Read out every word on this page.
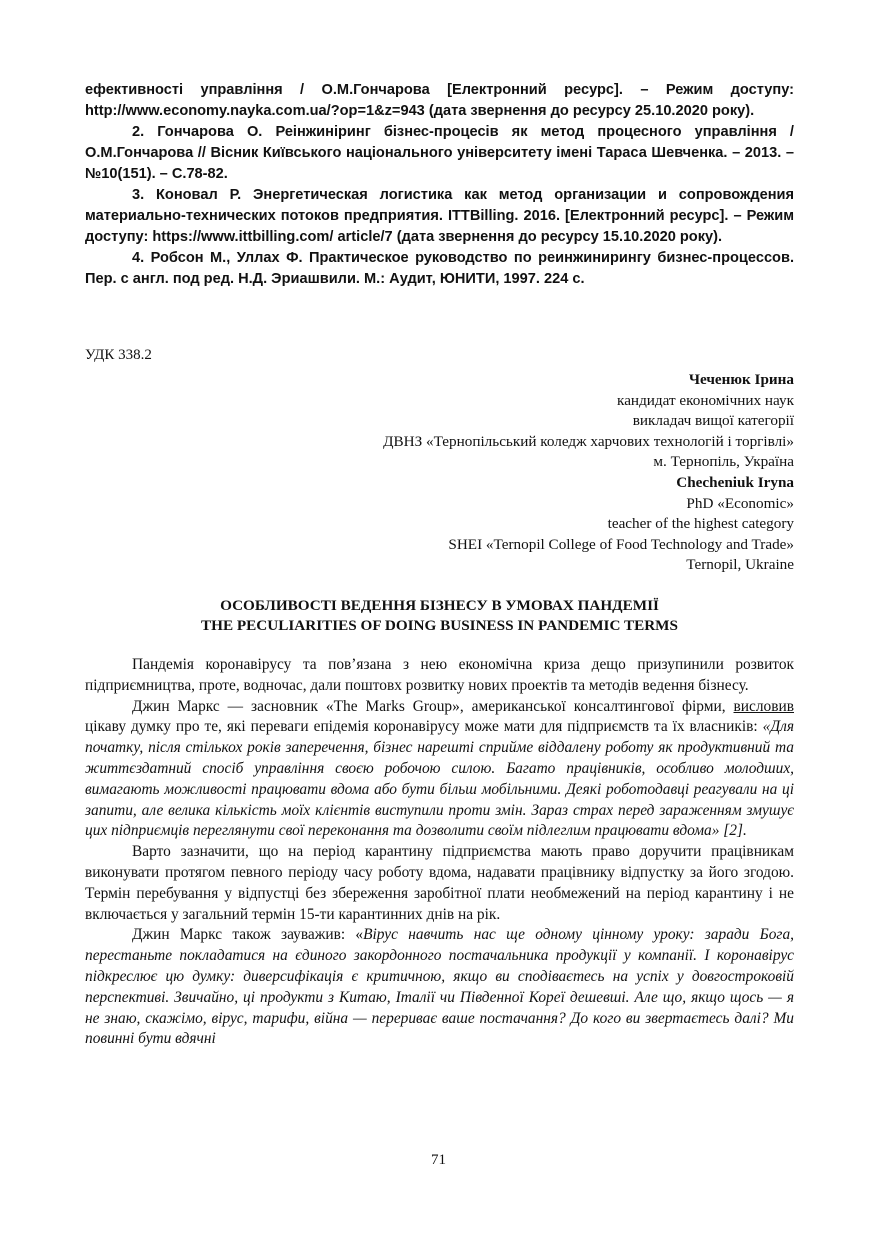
ефективності управління / О.М.Гончарова [Електронний ресурс]. – Режим доступу: http://www.economy.nayka.com.ua/?op=1&z=943 (дата звернення до ресурсу 25.10.2020 року).

2. Гончарова О. Реінжиніринг бізнес-процесів як метод процесного управління / О.М.Гончарова // Вісник Київського національного університету імені Тараса Шевченка. – 2013. – №10(151). – С.78-82.

3. Коновал Р. Энергетическая логистика как метод организации и сопровождения материально-технических потоков предприятия. ITTBilling. 2016. [Електронний ресурс]. – Режим доступу: https://www.ittbilling.com/ article/7 (дата звернення до ресурсу 15.10.2020 року).

4. Робсон М., Уллах Ф. Практическое руководство по реинжинирингу бизнес-процессов. Пер. с англ. под ред. Н.Д. Эриашвили. М.: Аудит, ЮНИТИ, 1997. 224 с.

УДК 338.2
Чеченюк Ірина
кандидат економічних наук
викладач вищої категорії
ДВНЗ «Тернопільський коледж харчових технологій і торгівлі»
м. Тернопіль, Україна
Checheniuk Iryna
PhD «Economic»
teacher of the highest category
SHEI «Ternopil College of Food Technology and Trade»
Ternopil, Ukraine
ОСОБЛИВОСТІ ВЕДЕННЯ БІЗНЕСУ В УМОВАХ ПАНДЕМІЇ
THE PECULIARITIES OF DOING BUSINESS IN PANDEMIC TERMS

Пандемія коронавірусу та пов’язана з нею економічна криза дещо призупинили розвиток підприємництва, проте, водночас, дали поштовх розвитку нових проектів та методів ведення бізнесу.

Джин Маркс — засновник «The Marks Group», американської консалтингової фірми, висловив цікаву думку про те, які переваги епідемія коронавірусу може мати для підприємств та їх власників: «Для початку, після стількох років заперечення, бізнес нарешті сприйме віддалену роботу як продуктивний та життєздатний спосіб управління своєю робочою силою. Багато працівників, особливо молодших, вимагають можливості працювати вдома або бути більш мобільними. Деякі роботодавці реагували на ці запити, але велика кількість моїх клієнтів виступили проти змін. Зараз страх перед зараженням змушує цих підприємців переглянути свої переконання та дозволити своїм підлеглим працювати вдома» [2].

Варто зазначити, що на період карантину підприємства мають право доручити працівникам виконувати протягом певного періоду часу роботу вдома, надавати працівнику відпустку за його згодою. Термін перебування у відпустці без збереження заробітної плати необмежений на період карантину і не включається у загальний термін 15-ти карантинних днів на рік.

Джин Маркс також зауважив: «Вірус навчить нас ще одному цінному уроку: заради Бога, перестаньте покладатися на єдиного закордонного постачальника продукції у компанії. І коронавірус підкреслює цю думку: диверсифікація є критичною, якщо ви сподіваєтесь на успіх у довгостроковій перспективі. Звичайно, ці продукти з Китаю, Італії чи Південної Кореї дешевші. Але що, якщо щось — я не знаю, скажімо, вірус, тарифи, війна — перериває ваше постачання? До кого ви звертаєтесь далі? Ми повинні бути вдячні

71
